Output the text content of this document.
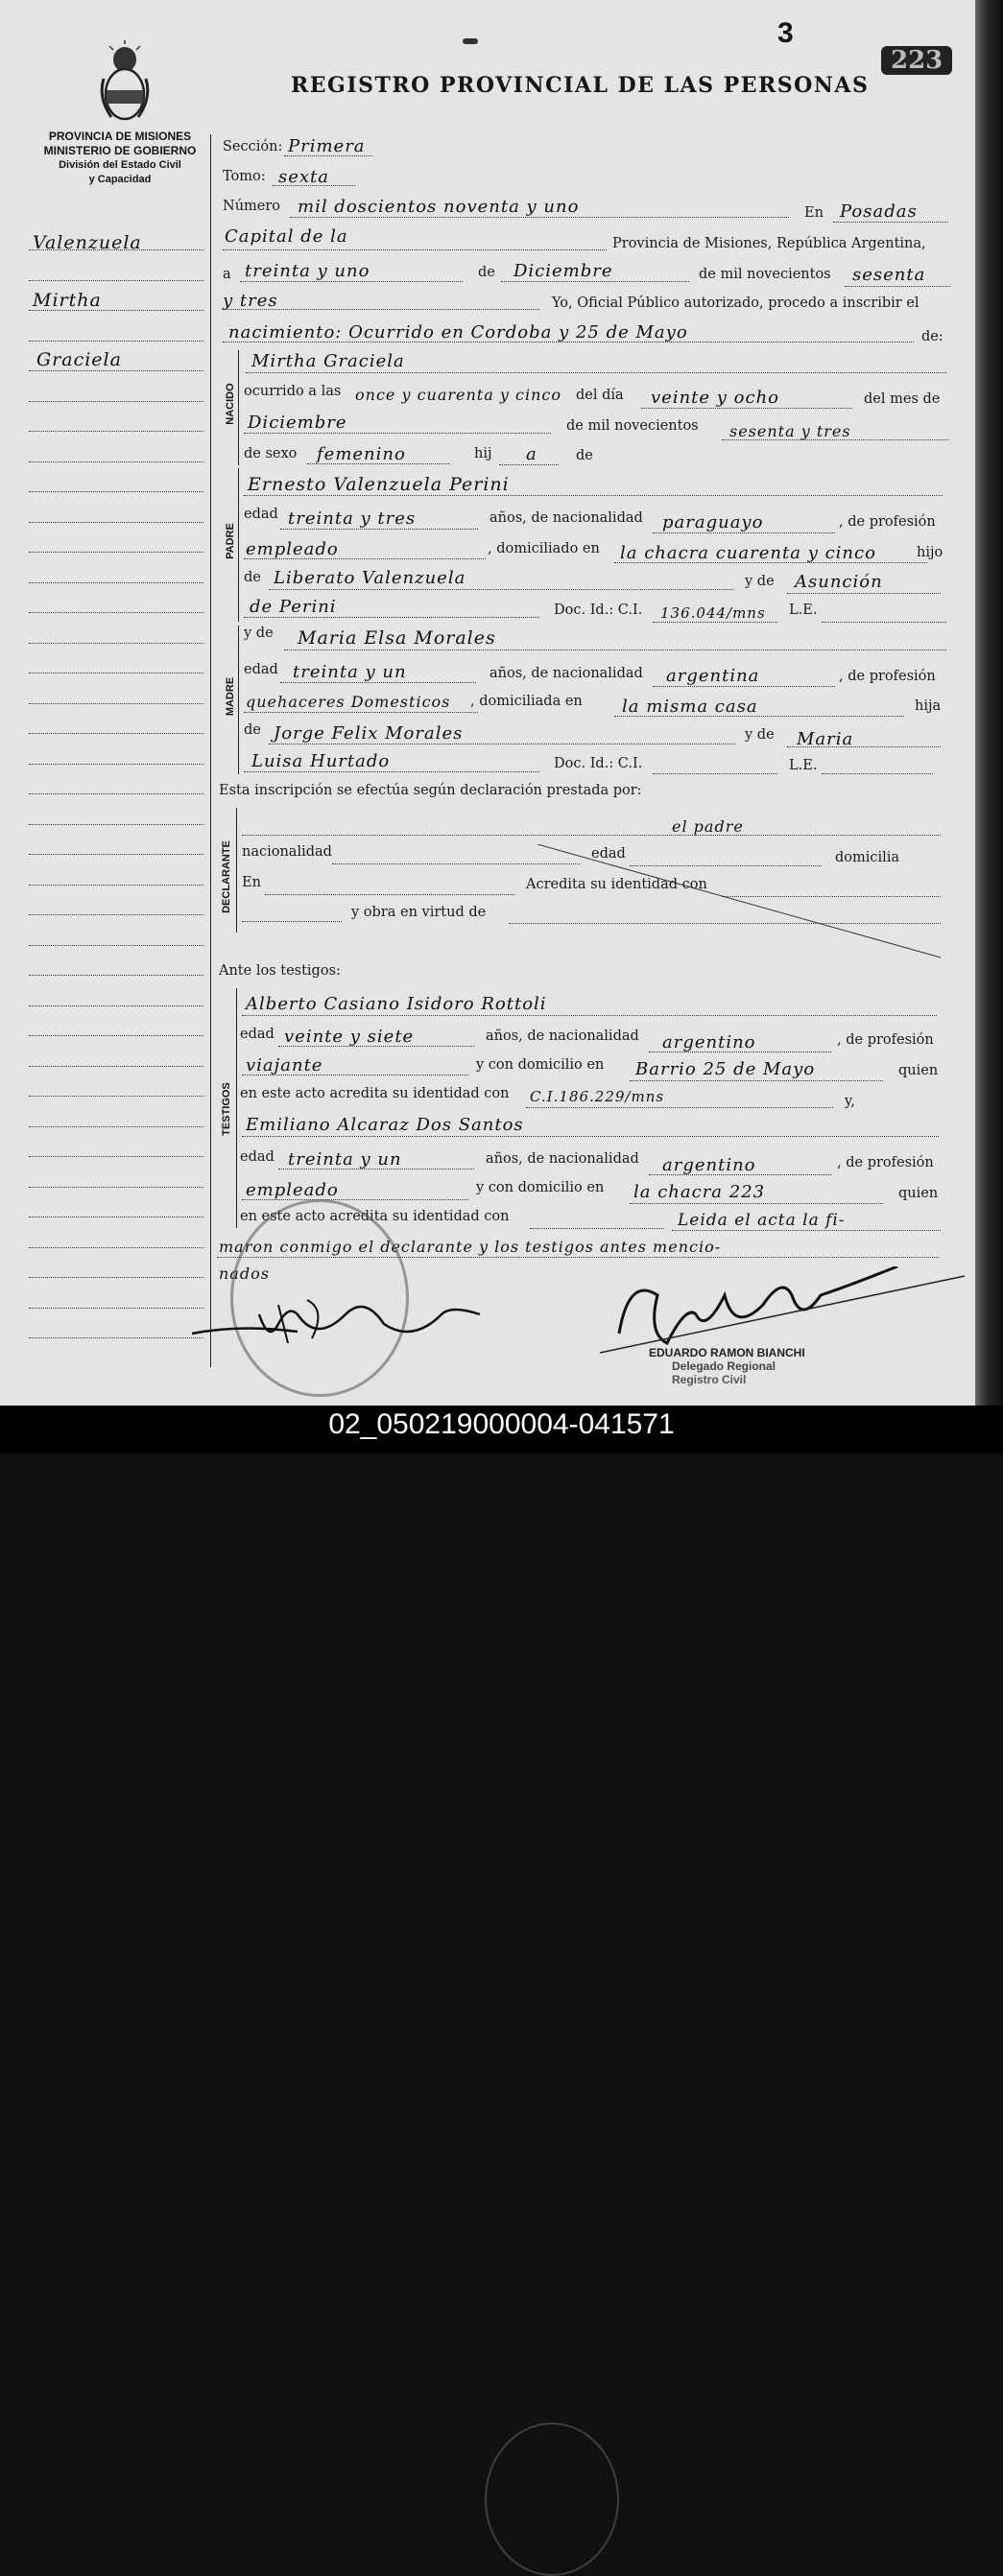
3
223
REGISTRO PROVINCIAL DE LAS PERSONAS
PROVINCIA DE MISIONES
MINISTERIO DE GOBIERNO
División del Estado Civil
y Capacidad
Valenzuela
Mirtha
Graciela
Sección: Primera
Tomo: sexta
Número mil doscientos noventa y uno	En Posadas
Capital de la	Provincia de Misiones, República Argentina,
a treinta y uno	de Diciembre	de mil novecientos sesenta
y tres	Yo, Oficial Público autorizado, procedo a inscribir el
nacimiento: Ocurrido en Cordoba y 25 de Mayo	de:
NACIDO
Mirtha Graciela
ocurrido a las once y cuarenta y cinco del día veinte y ocho	del mes de
Diciembre	de mil novecientos sesenta y tres
de sexo femenino	hij a	de
PADRE
Ernesto Valenzuela Perini
edad treinta y tres	años, de nacionalidad paraguayo	, de profesión
empleado	, domiciliado en la chacra cuarenta y cinco	hijo
de Liberato Valenzuela	y de Asunción
de Perini	Doc. Id.: C.I. 136.044/mns L.E.
MADRE
y de Maria Elsa Morales
edad treinta y un	años, de nacionalidad argentina	, de profesión
quehaceres Domesticos , domiciliada en la misma casa	hija
de Jorge Felix Morales	y de Maria
Luisa Hurtado	Doc. Id.: C.I.	L.E.
Esta inscripción se efectúa según declaración prestada por:
DECLARANTE
el padre
nacionalidad	edad	domicilia
En	Acredita su identidad con
y obra en virtud de
Ante los testigos:
TESTIGOS
Alberto Casiano Isidoro Rottoli
edad veinte y siete	años, de nacionalidad argentino	, de profesión
viajante	y con domicilio en Barrio 25 de Mayo	quien
en este acto acredita su identidad con C.I.186.229/mns	y,
Emiliano Alcaraz Dos Santos
edad treinta y un	años, de nacionalidad argentino	, de profesión
empleado	y con domicilio en la chacra 223	quien
en este acto acredita su identidad con	Leida el acta la fi-
maron conmigo el declarante y los testigos antes mencio-
nados
EDUARDO RAMON BIANCHI
Delegado Regional
Registro Civil
02_050219000004-041571
